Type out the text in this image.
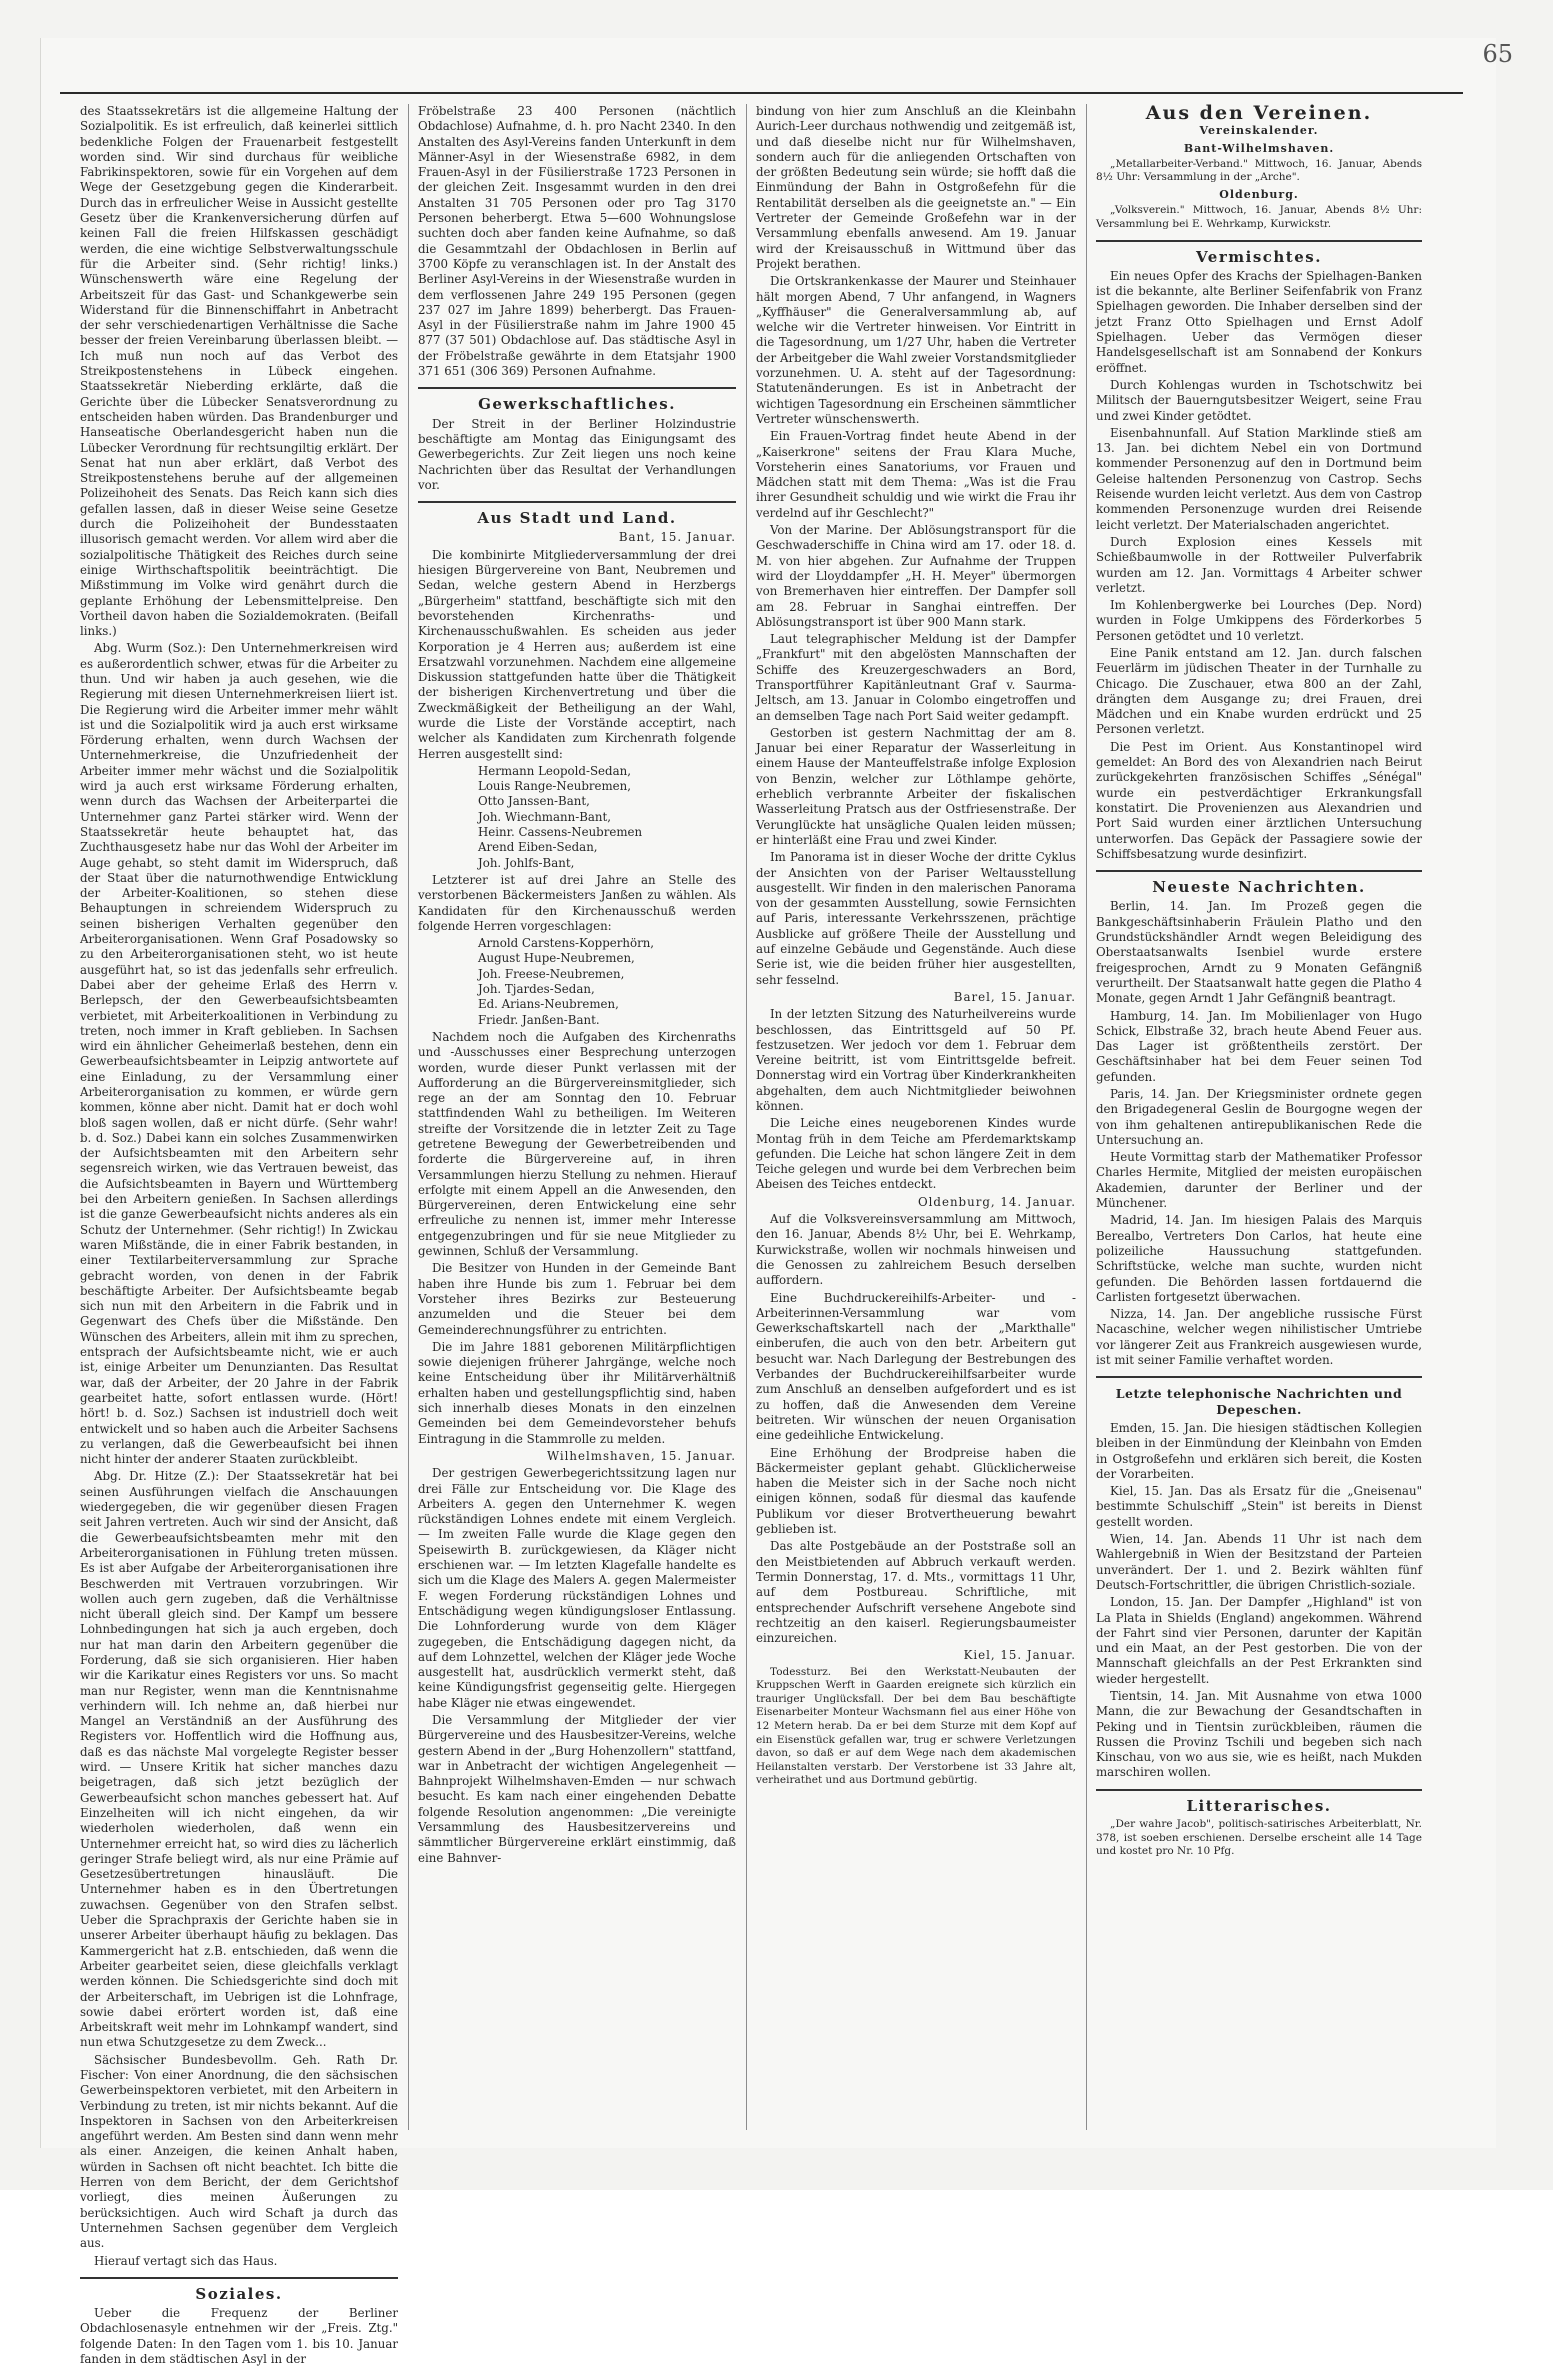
65

des Staatssekretärs ist die allgemeine Haltung der Sozialpolitik. Es ist erfreulich, daß keinerlei sittlich bedenkliche Folgen der Frauenarbeit festgestellt worden sind. Wir sind durchaus für weibliche Fabrikinspektoren, sowie für ein Vorgehen auf dem Wege der Gesetzgebung gegen die Kinderarbeit. Durch das in erfreulicher Weise in Aussicht gestellte Gesetz über die Krankenversicherung dürfen auf keinen Fall die freien Hilfskassen geschädigt werden, die eine wichtige Selbstverwaltungsschule für die Arbeiter sind. (Sehr richtig! links.) Wünschenswerth wäre eine Regelung der Arbeitszeit für das Gast- und Schankgewerbe sein Widerstand für die Binnenschiffahrt in Anbetracht der sehr verschiedenartigen Verhältnisse die Sache besser der freien Vereinbarung überlassen bleibt. — Ich muß nun noch auf das Verbot des Streikpostenstehens in Lübeck eingehen. Staatssekretär Nieberding erklärte, daß die Gerichte über die Lübecker Senatsverordnung zu entscheiden haben würden. Das Brandenburger und Hanseatische Oberlandesgericht haben nun die Lübecker Verordnung für rechtsungiltig erklärt. Der Senat hat nun aber erklärt, daß Verbot des Streikpostenstehens beruhe auf der allgemeinen Polizeihoheit des Senats. Das Reich kann sich dies gefallen lassen, daß in dieser Weise seine Gesetze durch die Polizeihoheit der Bundesstaaten illusorisch gemacht werden. Vor allem wird aber die sozialpolitische Thätigkeit des Reiches durch seine einige Wirthschaftspolitik beeinträchtigt. Die Mißstimmung im Volke wird genährt durch die geplante Erhöhung der Lebensmittelpreise. Den Vortheil davon haben die Sozialdemokraten. (Beifall links.)

Abg. Wurm (Soz.): Den Unternehmerkreisen wird es außerordentlich schwer, etwas für die Arbeiter zu thun. Und wir haben ja auch gesehen, wie die Regierung mit diesen Unternehmerkreisen liiert ist. Die Regierung wird die Arbeiter immer mehr wählt ist und die Sozialpolitik wird ja auch erst wirksame Förderung erhalten, wenn durch Wachsen der Unternehmerkreise, die Unzufriedenheit der Arbeiter immer mehr wächst und die Sozialpolitik wird ja auch erst wirksame Förderung erhalten, wenn durch das Wachsen der Arbeiterpartei die Unternehmer ganz Partei stärker wird. Wenn der Staatssekretär heute behauptet hat, das Zuchthausgesetz habe nur das Wohl der Arbeiter im Auge gehabt, so steht damit im Widerspruch, daß der Staat über die naturnothwendige Entwicklung der Arbeiter-Koalitionen, so stehen diese Behauptungen in schreiendem Widerspruch zu seinen bisherigen Verhalten gegenüber den Arbeiterorganisationen. Wenn Graf Posadowsky so zu den Arbeiterorganisationen steht, wo ist heute ausgeführt hat, so ist das jedenfalls sehr erfreulich. Dabei aber der geheime Erlaß des Herrn v. Berlepsch, der den Gewerbeaufsichtsbeamten verbietet, mit Arbeiterkoalitionen in Verbindung zu treten, noch immer in Kraft geblieben. In Sachsen wird ein ähnlicher Geheimerlaß bestehen, denn ein Gewerbeaufsichtsbeamter in Leipzig antwortete auf eine Einladung, zu der Versammlung einer Arbeiterorganisation zu kommen, er würde gern kommen, könne aber nicht. Damit hat er doch wohl bloß sagen wollen, daß er nicht dürfe. (Sehr wahr! b. d. Soz.) Dabei kann ein solches Zusammenwirken der Aufsichtsbeamten mit den Arbeitern sehr segensreich wirken, wie das Vertrauen beweist, das die Aufsichtsbeamten in Bayern und Württemberg bei den Arbeitern genießen. In Sachsen allerdings ist die ganze Gewerbeaufsicht nichts anderes als ein Schutz der Unternehmer. (Sehr richtig!) In Zwickau waren Mißstände, die in einer Fabrik bestanden, in einer Textilarbeiterversammlung zur Sprache gebracht worden, von denen in der Fabrik beschäftigte Arbeiter. Der Aufsichtsbeamte begab sich nun mit den Arbeitern in die Fabrik und in Gegenwart des Chefs über die Mißstände. Den Wünschen des Arbeiters, allein mit ihm zu sprechen, entsprach der Aufsichtsbeamte nicht, wie er auch ist, einige Arbeiter um Denunzianten. Das Resultat war, daß der Arbeiter, der 20 Jahre in der Fabrik gearbeitet hatte, sofort entlassen wurde. (Hört! hört! b. d. Soz.) Sachsen ist industriell doch weit entwickelt und so haben auch die Arbeiter Sachsens zu verlangen, daß die Gewerbeaufsicht bei ihnen nicht hinter der anderer Staaten zurückbleibt.

Abg. Dr. Hitze (Z.): Der Staatssekretär hat bei seinen Ausführungen vielfach die Anschauungen wiedergegeben, die wir gegenüber diesen Fragen seit Jahren vertreten. Auch wir sind der Ansicht, daß die Gewerbeaufsichtsbeamten mehr mit den Arbeiterorganisationen in Fühlung treten müssen. Es ist aber Aufgabe der Arbeiterorganisationen ihre Beschwerden mit Vertrauen vorzubringen. Wir wollen auch gern zugeben, daß die Verhältnisse nicht überall gleich sind. Der Kampf um bessere Lohnbedingungen hat sich ja auch ergeben, doch nur hat man darin den Arbeitern gegenüber die Forderung, daß sie sich organisieren. Hier haben wir die Karikatur eines Registers vor uns. So macht man nur Register, wenn man die Kenntnisnahme verhindern will. Ich nehme an, daß hierbei nur Mangel an Verständniß an der Ausführung des Registers vor. Hoffentlich wird die Hoffnung aus, daß es das nächste Mal vorgelegte Register besser wird. — Unsere Kritik hat sicher manches dazu beigetragen, daß sich jetzt bezüglich der Gewerbeaufsicht schon manches gebessert hat. Auf Einzelheiten will ich nicht eingehen, da wir wiederholen wiederholen, daß wenn ein Unternehmer erreicht hat, so wird dies zu lächerlich geringer Strafe beliegt wird, als nur eine Prämie auf Gesetzesübertretungen hinausläuft. Die Unternehmer haben es in den Übertretungen zuwachsen. Gegenüber von den Strafen selbst. Ueber die Sprachpraxis der Gerichte haben sie in unserer Arbeiter überhaupt häufig zu beklagen. Das Kammergericht hat z.B. entschieden, daß wenn die Arbeiter gearbeitet seien, diese gleichfalls verklagt werden können. Die Schiedsgerichte sind doch mit der Arbeiterschaft, im Uebrigen ist die Lohnfrage, sowie dabei erörtert worden ist, daß eine Arbeitskraft weit mehr im Lohnkampf wandert, sind nun etwa Schutzgesetze zu dem Zweck...

Sächsischer Bundesbevollm. Geh. Rath Dr. Fischer: Von einer Anordnung, die den sächsischen Gewerbeinspektoren verbietet, mit den Arbeitern in Verbindung zu treten, ist mir nichts bekannt. Auf die Inspektoren in Sachsen von den Arbeiterkreisen angeführt werden. Am Besten sind dann wenn mehr als einer. Anzeigen, die keinen Anhalt haben, würden in Sachsen oft nicht beachtet. Ich bitte die Herren von dem Bericht, der dem Gerichtshof vorliegt, dies meinen Äußerungen zu berücksichtigen. Auch wird Schaft ja durch das Unternehmen Sachsen gegenüber dem Vergleich aus.

Hierauf vertagt sich das Haus.

Soziales.

Ueber die Frequenz der Berliner Obdachlosenasyle entnehmen wir der „Freis. Ztg." folgende Daten: In den Tagen vom 1. bis 10. Januar fanden in dem städtischen Asyl in der

Fröbelstraße 23 400 Personen (nächtlich Obdachlose) Aufnahme, d. h. pro Nacht 2340. In den Anstalten des Asyl-Vereins fanden Unterkunft in dem Männer-Asyl in der Wiesenstraße 6982, in dem Frauen-Asyl in der Füsilierstraße 1723 Personen in der gleichen Zeit. Insgesammt wurden in den drei Anstalten 31 705 Personen oder pro Tag 3170 Personen beherbergt. Etwa 5—600 Wohnungslose suchten doch aber fanden keine Aufnahme, so daß die Gesammtzahl der Obdachlosen in Berlin auf 3700 Köpfe zu veranschlagen ist. In der Anstalt des Berliner Asyl-Vereins in der Wiesenstraße wurden in dem verflossenen Jahre 249 195 Personen (gegen 237 027 im Jahre 1899) beherbergt. Das Frauen-Asyl in der Füsilierstraße nahm im Jahre 1900 45 877 (37 501) Obdachlose auf. Das städtische Asyl in der Fröbelstraße gewährte in dem Etatsjahr 1900 371 651 (306 369) Personen Aufnahme.

Gewerkschaftliches.

Der Streit in der Berliner Holzindustrie beschäftigte am Montag das Einigungsamt des Gewerbegerichts. Zur Zeit liegen uns noch keine Nachrichten über das Resultat der Verhandlungen vor.

Aus Stadt und Land.

Bant, 15. Januar.

Die kombinirte Mitgliederversammlung der drei hiesigen Bürgervereine von Bant, Neubremen und Sedan, welche gestern Abend in Herzbergs „Bürgerheim" stattfand, beschäftigte sich mit den bevorstehenden Kirchenraths- und Kirchenausschußwahlen. Es scheiden aus jeder Korporation je 4 Herren aus; außerdem ist eine Ersatzwahl vorzunehmen. Nachdem eine allgemeine Diskussion stattgefunden hatte über die Thätigkeit der bisherigen Kirchenvertretung und über die Zweckmäßigkeit der Betheiligung an der Wahl, wurde die Liste der Vorstände acceptirt, nach welcher als Kandidaten zum Kirchenrath folgende Herren ausgestellt sind:

Hermann Leopold-Sedan,
Louis Range-Neubremen,
Otto Janssen-Bant,
Joh. Wiechmann-Bant,
Heinr. Cassens-Neubremen
Arend Eiben-Sedan,
Joh. Johlfs-Bant,

Letzterer ist auf drei Jahre an Stelle des verstorbenen Bäckermeisters Janßen zu wählen. Als Kandidaten für den Kirchenausschuß werden folgende Herren vorgeschlagen:

Arnold Carstens-Kopperhörn,
August Hupe-Neubremen,
Joh. Freese-Neubremen,
Joh. Tjardes-Sedan,
Ed. Arians-Neubremen,
Friedr. Janßen-Bant.

Nachdem noch die Aufgaben des Kirchenraths und -Ausschusses einer Besprechung unterzogen worden, wurde dieser Punkt verlassen mit der Aufforderung an die Bürgervereinsmitglieder, sich rege an der am Sonntag den 10. Februar stattfindenden Wahl zu betheiligen. Im Weiteren streifte der Vorsitzende die in letzter Zeit zu Tage getretene Bewegung der Gewerbetreibenden und forderte die Bürgervereine auf, in ihren Versammlungen hierzu Stellung zu nehmen. Hierauf erfolgte mit einem Appell an die Anwesenden, den Bürgervereinen, deren Entwickelung eine sehr erfreuliche zu nennen ist, immer mehr Interesse entgegenzubringen und für sie neue Mitglieder zu gewinnen, Schluß der Versammlung.

Die Besitzer von Hunden in der Gemeinde Bant haben ihre Hunde bis zum 1. Februar bei dem Vorsteher ihres Bezirks zur Besteuerung anzumelden und die Steuer bei dem Gemeinderechnungsführer zu entrichten.

Die im Jahre 1881 geborenen Militärpflichtigen sowie diejenigen früherer Jahrgänge, welche noch keine Entscheidung über ihr Militärverhältniß erhalten haben und gestellungspflichtig sind, haben sich innerhalb dieses Monats in den einzelnen Gemeinden bei dem Gemeindevorsteher behufs Eintragung in die Stammrolle zu melden.

Wilhelmshaven, 15. Januar.

Der gestrigen Gewerbegerichtssitzung lagen nur drei Fälle zur Entscheidung vor. Die Klage des Arbeiters A. gegen den Unternehmer K. wegen rückständigen Lohnes endete mit einem Vergleich. — Im zweiten Falle wurde die Klage gegen den Speisewirth B. zurückgewiesen, da Kläger nicht erschienen war. — Im letzten Klagefalle handelte es sich um die Klage des Malers A. gegen Malermeister F. wegen Forderung rückständigen Lohnes und Entschädigung wegen kündigungsloser Entlassung. Die Lohnforderung wurde von dem Kläger zugegeben, die Entschädigung dagegen nicht, da auf dem Lohnzettel, welchen der Kläger jede Woche ausgestellt hat, ausdrücklich vermerkt steht, daß keine Kündigungsfrist gegenseitig gelte. Hiergegen habe Kläger nie etwas eingewendet.

Die Versammlung der Mitglieder der vier Bürgervereine und des Hausbesitzer-Vereins, welche gestern Abend in der „Burg Hohenzollern" stattfand, war in Anbetracht der wichtigen Angelegenheit — Bahnprojekt Wilhelmshaven-Emden — nur schwach besucht. Es kam nach einer eingehenden Debatte folgende Resolution angenommen: „Die vereinigte Versammlung des Hausbesitzervereins und sämmtlicher Bürgervereine erklärt einstimmig, daß eine Bahnver-

bindung von hier zum Anschluß an die Kleinbahn Aurich-Leer durchaus nothwendig und zeitgemäß ist, und daß dieselbe nicht nur für Wilhelmshaven, sondern auch für die anliegenden Ortschaften von der größten Bedeutung sein würde; sie hofft daß die Einmündung der Bahn in Ostgroßefehn für die Rentabilität derselben als die geeignetste an." — Ein Vertreter der Gemeinde Großefehn war in der Versammlung ebenfalls anwesend. Am 19. Januar wird der Kreisausschuß in Wittmund über das Projekt berathen.

Die Ortskrankenkasse der Maurer und Steinhauer hält morgen Abend, 7 Uhr anfangend, in Wagners „Kyffhäuser" die Generalversammlung ab, auf welche wir die Vertreter hinweisen. Vor Eintritt in die Tagesordnung, um 1/27 Uhr, haben die Vertreter der Arbeitgeber die Wahl zweier Vorstandsmitglieder vorzunehmen. U. A. steht auf der Tagesordnung: Statutenänderungen. Es ist in Anbetracht der wichtigen Tagesordnung ein Erscheinen sämmtlicher Vertreter wünschenswerth.

Ein Frauen-Vortrag findet heute Abend in der „Kaiserkrone" seitens der Frau Klara Muche, Vorsteherin eines Sanatoriums, vor Frauen und Mädchen statt mit dem Thema: „Was ist die Frau ihrer Gesundheit schuldig und wie wirkt die Frau ihr verdelnd auf ihr Geschlecht?"

Von der Marine. Der Ablösungstransport für die Geschwaderschiffe in China wird am 17. oder 18. d. M. von hier abgehen. Zur Aufnahme der Truppen wird der Lloyddampfer „H. H. Meyer" übermorgen von Bremerhaven hier eintreffen. Der Dampfer soll am 28. Februar in Sanghai eintreffen. Der Ablösungstransport ist über 900 Mann stark.

Laut telegraphischer Meldung ist der Dampfer „Frankfurt" mit den abgelösten Mannschaften der Schiffe des Kreuzergeschwaders an Bord, Transportführer Kapitänleutnant Graf v. Saurma-Jeltsch, am 13. Januar in Colombo eingetroffen und an demselben Tage nach Port Said weiter gedampft.

Gestorben ist gestern Nachmittag der am 8. Januar bei einer Reparatur der Wasserleitung in einem Hause der Manteuffelstraße infolge Explosion von Benzin, welcher zur Löthlampe gehörte, erheblich verbrannte Arbeiter der fiskalischen Wasserleitung Pratsch aus der Ostfriesenstraße. Der Verunglückte hat unsägliche Qualen leiden müssen; er hinterläßt eine Frau und zwei Kinder.

Im Panorama ist in dieser Woche der dritte Cyklus der Ansichten von der Pariser Weltausstellung ausgestellt. Wir finden in den malerischen Panorama von der gesammten Ausstellung, sowie Fernsichten auf Paris, interessante Verkehrsszenen, prächtige Ausblicke auf größere Theile der Ausstellung und auf einzelne Gebäude und Gegenstände. Auch diese Serie ist, wie die beiden früher hier ausgestellten, sehr fesselnd.

Barel, 15. Januar.

In der letzten Sitzung des Naturheilvereins wurde beschlossen, das Eintrittsgeld auf 50 Pf. festzusetzen. Wer jedoch vor dem 1. Februar dem Vereine beitritt, ist vom Eintrittsgelde befreit. Donnerstag wird ein Vortrag über Kinderkrankheiten abgehalten, dem auch Nichtmitglieder beiwohnen können.

Die Leiche eines neugeborenen Kindes wurde Montag früh in dem Teiche am Pferdemarktskamp gefunden. Die Leiche hat schon längere Zeit in dem Teiche gelegen und wurde bei dem Verbrechen beim Abeisen des Teiches entdeckt.

Oldenburg, 14. Januar.

Auf die Volksvereinsversammlung am Mittwoch, den 16. Januar, Abends 8½ Uhr, bei E. Wehrkamp, Kurwickstraße, wollen wir nochmals hinweisen und die Genossen zu zahlreichem Besuch derselben auffordern.

Eine Buchdruckereihilfs-Arbeiter- und -Arbeiterinnen-Versammlung war vom Gewerkschaftskartell nach der „Markthalle" einberufen, die auch von den betr. Arbeitern gut besucht war. Nach Darlegung der Bestrebungen des Verbandes der Buchdruckereihilfsarbeiter wurde zum Anschluß an denselben aufgefordert und es ist zu hoffen, daß die Anwesenden dem Vereine beitreten. Wir wünschen der neuen Organisation eine gedeihliche Entwickelung.

Eine Erhöhung der Brodpreise haben die Bäckermeister geplant gehabt. Glücklicherweise haben die Meister sich in der Sache noch nicht einigen können, sodaß für diesmal das kaufende Publikum vor dieser Brotvertheuerung bewahrt geblieben ist.

Das alte Postgebäude an der Poststraße soll an den Meistbietenden auf Abbruch verkauft werden. Termin Donnerstag, 17. d. Mts., vormittags 11 Uhr, auf dem Postbureau. Schriftliche, mit entsprechender Aufschrift versehene Angebote sind rechtzeitig an den kaiserl. Regierungsbaumeister einzureichen.

Kiel, 15. Januar.

Todessturz. Bei den Werkstatt-Neubauten der Kruppschen Werft in Gaarden ereignete sich kürzlich ein trauriger Unglücksfall. Der bei dem Bau beschäftigte Eisenarbeiter Monteur Wachsmann fiel aus einer Höhe von 12 Metern herab. Da er bei dem Sturze mit dem Kopf auf ein Eisenstück gefallen war, trug er schwere Verletzungen davon, so daß er auf dem Wege nach dem akademischen Heilanstalten verstarb. Der Verstorbene ist 33 Jahre alt, verheirathet und aus Dortmund gebürtig.

Aus den Vereinen.
Vereinskalender.
Bant-Wilhelmshaven.

„Metallarbeiter-Verband." Mittwoch, 16. Januar, Abends 8½ Uhr: Versammlung in der „Arche".

Oldenburg.

„Volksverein." Mittwoch, 16. Januar, Abends 8½ Uhr: Versammlung bei E. Wehrkamp, Kurwickstr.

Vermischtes.

Ein neues Opfer des Krachs der Spielhagen-Banken ist die bekannte, alte Berliner Seifenfabrik von Franz Spielhagen geworden. Die Inhaber derselben sind der jetzt Franz Otto Spielhagen und Ernst Adolf Spielhagen. Ueber das Vermögen dieser Handelsgesellschaft ist am Sonnabend der Konkurs eröffnet.

Durch Kohlengas wurden in Tschotschwitz bei Militsch der Bauerngutsbesitzer Weigert, seine Frau und zwei Kinder getödtet.

Eisenbahnunfall. Auf Station Marklinde stieß am 13. Jan. bei dichtem Nebel ein von Dortmund kommender Personenzug auf den in Dortmund beim Geleise haltenden Personenzug von Castrop. Sechs Reisende wurden leicht verletzt. Aus dem von Castrop kommenden Personenzuge wurden drei Reisende leicht verletzt. Der Materialschaden angerichtet.

Durch Explosion eines Kessels mit Schießbaumwolle in der Rottweiler Pulverfabrik wurden am 12. Jan. Vormittags 4 Arbeiter schwer verletzt.

Im Kohlenbergwerke bei Lourches (Dep. Nord) wurden in Folge Umkippens des Förderkorbes 5 Personen getödtet und 10 verletzt.

Eine Panik entstand am 12. Jan. durch falschen Feuerlärm im jüdischen Theater in der Turnhalle zu Chicago. Die Zuschauer, etwa 800 an der Zahl, drängten dem Ausgange zu; drei Frauen, drei Mädchen und ein Knabe wurden erdrückt und 25 Personen verletzt.

Die Pest im Orient. Aus Konstantinopel wird gemeldet: An Bord des von Alexandrien nach Beirut zurückgekehrten französischen Schiffes „Sénégal" wurde ein pestverdächtiger Erkrankungsfall konstatirt. Die Provenienzen aus Alexandrien und Port Said wurden einer ärztlichen Untersuchung unterworfen. Das Gepäck der Passagiere sowie der Schiffsbesatzung wurde desinfizirt.

Neueste Nachrichten.

Berlin, 14. Jan. Im Prozeß gegen die Bankgeschäftsinhaberin Fräulein Platho und den Grundstückshändler Arndt wegen Beleidigung des Oberstaatsanwalts Isenbiel wurde erstere freigesprochen, Arndt zu 9 Monaten Gefängniß verurtheilt. Der Staatsanwalt hatte gegen die Platho 4 Monate, gegen Arndt 1 Jahr Gefängniß beantragt.

Hamburg, 14. Jan. Im Mobilienlager von Hugo Schick, Elbstraße 32, brach heute Abend Feuer aus. Das Lager ist größtentheils zerstört. Der Geschäftsinhaber hat bei dem Feuer seinen Tod gefunden.

Paris, 14. Jan. Der Kriegsminister ordnete gegen den Brigadegeneral Geslin de Bourgogne wegen der von ihm gehaltenen antirepublikanischen Rede die Untersuchung an.

Heute Vormittag starb der Mathematiker Professor Charles Hermite, Mitglied der meisten europäischen Akademien, darunter der Berliner und der Münchener.

Madrid, 14. Jan. Im hiesigen Palais des Marquis Berealbo, Vertreters Don Carlos, hat heute eine polizeiliche Haussuchung stattgefunden. Schriftstücke, welche man suchte, wurden nicht gefunden. Die Behörden lassen fortdauernd die Carlisten fortgesetzt überwachen.

Nizza, 14. Jan. Der angebliche russische Fürst Nacaschine, welcher wegen nihilistischer Umtriebe vor längerer Zeit aus Frankreich ausgewiesen wurde, ist mit seiner Familie verhaftet worden.

Letzte telephonische Nachrichten und Depeschen.

Emden, 15. Jan. Die hiesigen städtischen Kollegien bleiben in der Einmündung der Kleinbahn von Emden in Ostgroßefehn und erklären sich bereit, die Kosten der Vorarbeiten.

Kiel, 15. Jan. Das als Ersatz für die „Gneisenau" bestimmte Schulschiff „Stein" ist bereits in Dienst gestellt worden.

Wien, 14. Jan. Abends 11 Uhr ist nach dem Wahlergebniß in Wien der Besitzstand der Parteien unverändert. Der 1. und 2. Bezirk wählten fünf Deutsch-Fortschrittler, die übrigen Christlich-soziale.

London, 15. Jan. Der Dampfer „Highland" ist von La Plata in Shields (England) angekommen. Während der Fahrt sind vier Personen, darunter der Kapitän und ein Maat, an der Pest gestorben. Die von der Mannschaft gleichfalls an der Pest Erkrankten sind wieder hergestellt.

Tientsin, 14. Jan. Mit Ausnahme von etwa 1000 Mann, die zur Bewachung der Gesandtschaften in Peking und in Tientsin zurückbleiben, räumen die Russen die Provinz Tschili und begeben sich nach Kinschau, von wo aus sie, wie es heißt, nach Mukden marschiren wollen.

Litterarisches.

„Der wahre Jacob", politisch-satirisches Arbeiterblatt, Nr. 378, ist soeben erschienen. Derselbe erscheint alle 14 Tage und kostet pro Nr. 10 Pfg.
